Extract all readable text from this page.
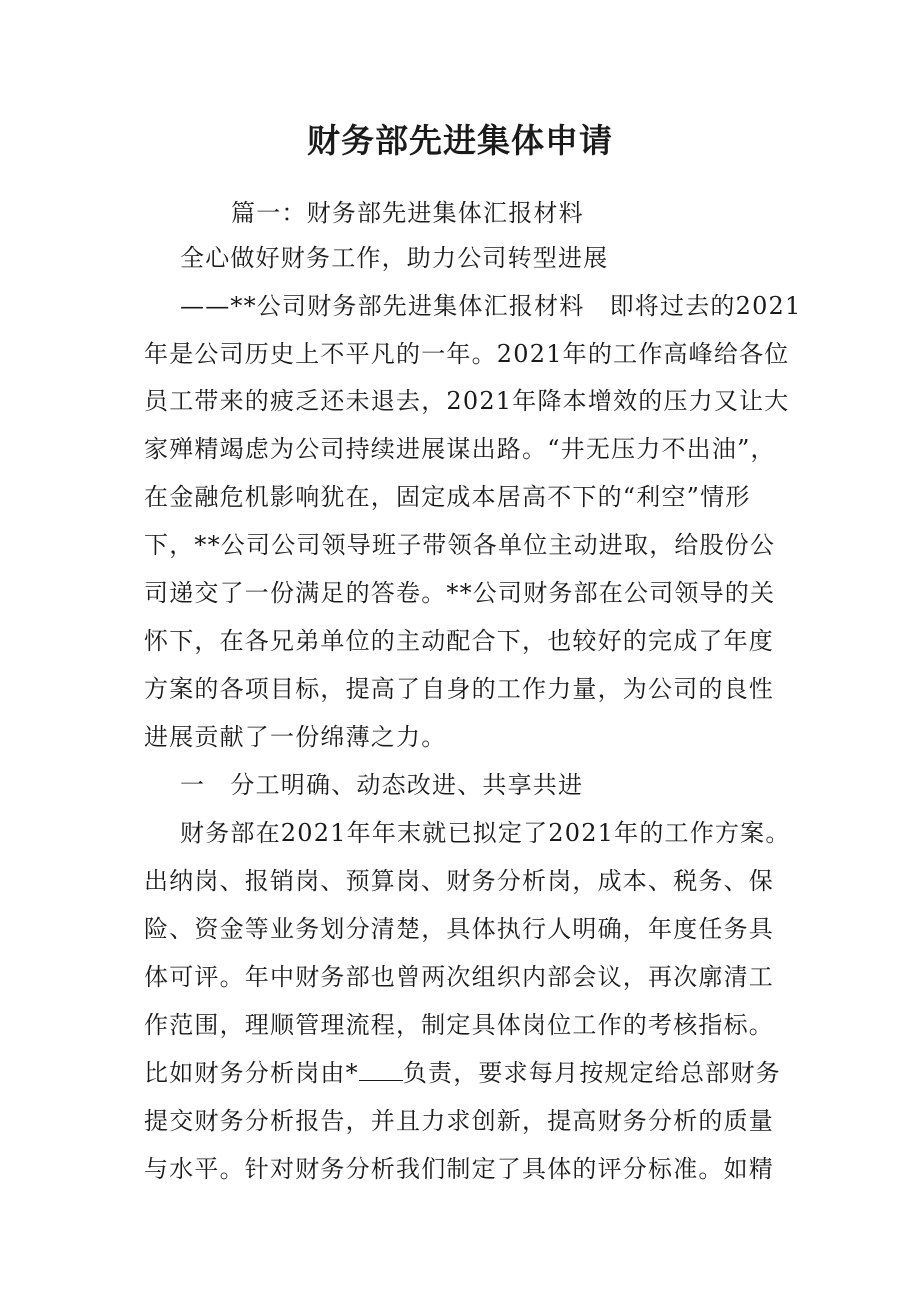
财务部先进集体申请
篇一：财务部先进集体汇报材料
全心做好财务工作，助力公司转型进展
——**公司财务部先进集体汇报材料　即将过去的2021
年是公司历史上不平凡的一年。2021年的工作高峰给各位
员工带来的疲乏还未退去，2021年降本增效的压力又让大
家殚精竭虑为公司持续进展谋出路。“井无压力不出油”，
在金融危机影响犹在，固定成本居高不下的“利空”情形
下，**公司公司领导班子带领各单位主动进取，给股份公
司递交了一份满足的答卷。**公司财务部在公司领导的关
怀下，在各兄弟单位的主动配合下，也较好的完成了年度
方案的各项目标，提高了自身的工作力量，为公司的良性
进展贡献了一份绵薄之力。
一　分工明确、动态改进、共享共进
财务部在2021年年末就已拟定了2021年的工作方案。
出纳岗、报销岗、预算岗、财务分析岗，成本、税务、保
险、资金等业务划分清楚，具体执行人明确，年度任务具
体可评。年中财务部也曾两次组织内部会议，再次廓清工
作范围，理顺管理流程，制定具体岗位工作的考核指标。
比如财务分析岗由* 负责，要求每月按规定给总部财务
提交财务分析报告，并且力求创新，提高财务分析的质量
与水平。针对财务分析我们制定了具体的评分标准。如精
